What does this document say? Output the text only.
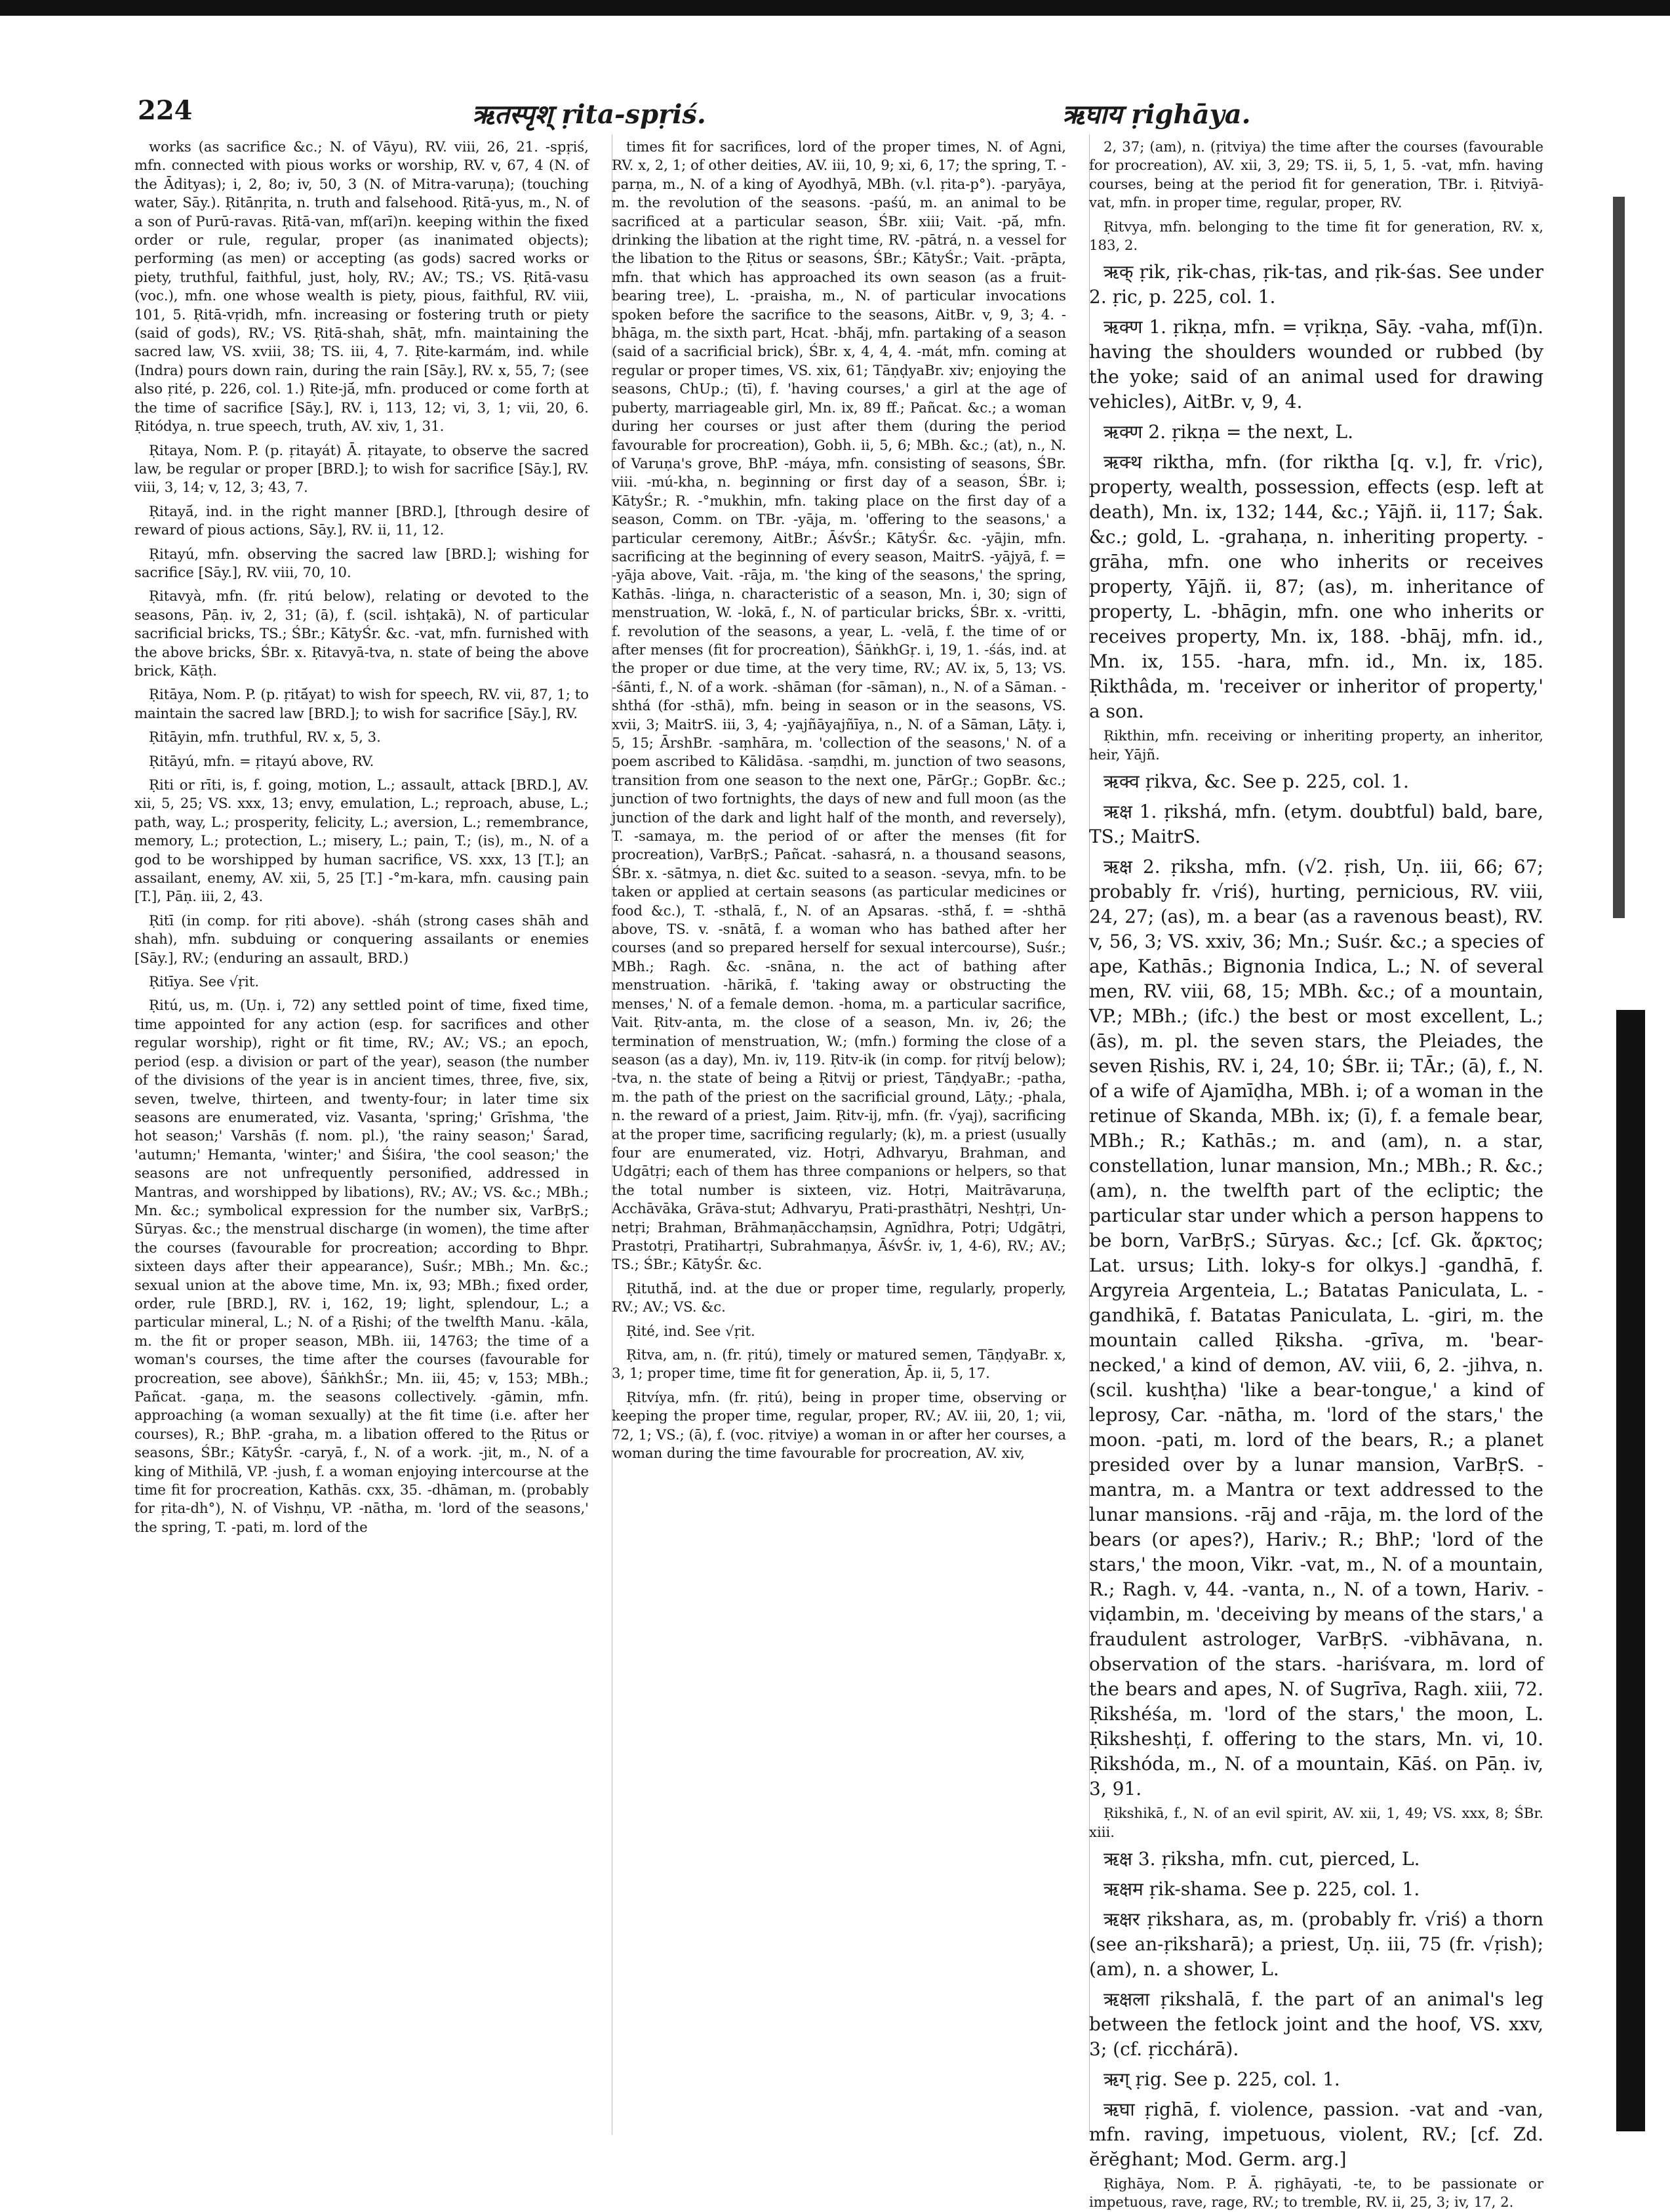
224	ऋतस्पृश् ṛita-spṛiś.	ऋघाय ṛighāya.

works (as sacrifice &c.; N. of Vāyu), RV. viii, 26, 21. -spṛiś, mfn. connected with pious works or worship, RV. v, 67, 4 (N. of the Ādityas); i, 2, 8o; iv, 50, 3 (N. of Mitra-varuṇa); (touching water, Sāy.). Ṛitānṛita, n. truth and falsehood. Ṛitā-yus, m., N. of a son of Purū-ravas. Ṛitā-van, mf(arī)n. keeping within the fixed order or rule, regular, proper (as inanimated objects); performing (as men) or accepting (as gods) sacred works or piety, truthful, faithful, just, holy, RV.; AV.; TS.; VS. Ṛitā-vasu (voc.), mfn. one whose wealth is piety, pious, faithful, RV. viii, 101, 5. Ṛitā-vṛidh, mfn. increasing or fostering truth or piety (said of gods), RV.; VS. Ṛitā-shah, shāṭ, mfn. maintaining the sacred law, VS. xviii, 38; TS. iii, 4, 7. Ṛite-karmám, ind. while (Indra) pours down rain, during the rain [Sāy.], RV. x, 55, 7; (see also ṛité, p. 226, col. 1.) Ṛite-jā́, mfn. produced or come forth at the time of sacrifice [Sāy.], RV. i, 113, 12; vi, 3, 1; vii, 20, 6. Ṛitódya, n. true speech, truth, AV. xiv, 1, 31.

Ṛitaya, Nom. P. (p. ṛitayát) Ā. ṛitayate, to observe the sacred law, be regular or proper [BRD.]; to wish for sacrifice [Sāy.], RV. viii, 3, 14; v, 12, 3; 43, 7.

Ṛitayā́, ind. in the right manner [BRD.], [through desire of reward of pious actions, Sāy.], RV. ii, 11, 12.

Ṛitayú, mfn. observing the sacred law [BRD.]; wishing for sacrifice [Sāy.], RV. viii, 70, 10.

Ṛitavyà, mfn. (fr. ṛitú below), relating or devoted to the seasons, Pāṇ. iv, 2, 31; (ā), f. (scil. ishṭakā), N. of particular sacrificial bricks, TS.; ŚBr.; KātyŚr. &c. -vat, mfn. furnished with the above bricks, ŚBr. x. Ṛitavyā-tva, n. state of being the above brick, Kāṭh.

Ṛitāya, Nom. P. (p. ṛitā́yat) to wish for speech, RV. vii, 87, 1; to maintain the sacred law [BRD.]; to wish for sacrifice [Sāy.], RV.

Ṛitāyin, mfn. truthful, RV. x, 5, 3.

Ṛitāyú, mfn. = ṛitayú above, RV.

Ṛiti or rīti, is, f. going, motion, L.; assault, attack [BRD.], AV. xii, 5, 25; VS. xxx, 13; envy, emulation, L.; reproach, abuse, L.; path, way, L.; prosperity, felicity, L.; aversion, L.; remembrance, memory, L.; protection, L.; misery, L.; pain, T.; (is), m., N. of a god to be worshipped by human sacrifice, VS. xxx, 13 [T.]; an assailant, enemy, AV. xii, 5, 25 [T.] -°m-kara, mfn. causing pain [T.], Pāṇ. iii, 2, 43.

Ṛitī (in comp. for ṛiti above). -sháh (strong cases shāh and shah), mfn. subduing or conquering assailants or enemies [Sāy.], RV.; (enduring an assault, BRD.)

Ṛitīya. See √ṛit.

Ṛitú, us, m. (Uṇ. i, 72) any settled point of time, fixed time, time appointed for any action (esp. for sacrifices and other regular worship), right or fit time, RV.; AV.; VS.; an epoch, period (esp. a division or part of the year), season (the number of the divisions of the year is in ancient times, three, five, six, seven, twelve, thirteen, and twenty-four; in later time six seasons are enumerated, viz. Vasanta, 'spring;' Grīshma, 'the hot season;' Varshās (f. nom. pl.), 'the rainy season;' Śarad, 'autumn;' Hemanta, 'winter;' and Śiśira, 'the cool season;' the seasons are not unfrequently personified, addressed in Mantras, and worshipped by libations), RV.; AV.; VS. &c.; MBh.; Mn. &c.; symbolical expression for the number six, VarBṛS.; Sūryas. &c.; the menstrual discharge (in women), the time after the courses (favourable for procreation; according to Bhpr. sixteen days after their appearance), Suśr.; MBh.; Mn. &c.; sexual union at the above time, Mn. ix, 93; MBh.; fixed order, order, rule [BRD.], RV. i, 162, 19; light, splendour, L.; a particular mineral, L.; N. of a Ṛishi; of the twelfth Manu. -kāla, m. the fit or proper season, MBh. iii, 14763; the time of a woman's courses, the time after the courses (favourable for procreation, see above), ŚāṅkhŚr.; Mn. iii, 45; v, 153; MBh.; Pañcat. -gaṇa, m. the seasons collectively. -gāmin, mfn. approaching (a woman sexually) at the fit time (i.e. after her courses), R.; BhP. -graha, m. a libation offered to the Ṛitus or seasons, ŚBr.; KātyŚr. -caryā, f., N. of a work. -jit, m., N. of a king of Mithilā, VP. -jush, f. a woman enjoying intercourse at the time fit for procreation, Kathās. cxx, 35. -dhāman, m. (probably for ṛita-dh°), N. of Vishṇu, VP. -nātha, m. 'lord of the seasons,' the spring, T. -pati, m. lord of the

times fit for sacrifices, lord of the proper times, N. of Agni, RV. x, 2, 1; of other deities, AV. iii, 10, 9; xi, 6, 17; the spring, T. -parṇa, m., N. of a king of Ayodhyā, MBh. (v.l. ṛita-p°). -paryāya, m. the revolution of the seasons. -paśú, m. an animal to be sacrificed at a particular season, ŚBr. xiii; Vait. -pā́, mfn. drinking the libation at the right time, RV. -pātrá, n. a vessel for the libation to the Ṛitus or seasons, ŚBr.; KātyŚr.; Vait. -prāpta, mfn. that which has approached its own season (as a fruit-bearing tree), L. -praisha, m., N. of particular invocations spoken before the sacrifice to the seasons, AitBr. v, 9, 3; 4. -bhāga, m. the sixth part, Hcat. -bhā́j, mfn. partaking of a season (said of a sacrificial brick), ŚBr. x, 4, 4, 4. -mát, mfn. coming at regular or proper times, VS. xix, 61; TāṇḍyaBr. xiv; enjoying the seasons, ChUp.; (tī), f. 'having courses,' a girl at the age of puberty, marriageable girl, Mn. ix, 89 ff.; Pañcat. &c.; a woman during her courses or just after them (during the period favourable for procreation), Gobh. ii, 5, 6; MBh. &c.; (at), n., N. of Varuṇa's grove, BhP. -máya, mfn. consisting of seasons, ŚBr. viii. -mú-kha, n. beginning or first day of a season, ŚBr. i; KātyŚr.; R. -°mukhin, mfn. taking place on the first day of a season, Comm. on TBr. -yāja, m. 'offering to the seasons,' a particular ceremony, AitBr.; ĀśvŚr.; KātyŚr. &c. -yājin, mfn. sacrificing at the beginning of every season, MaitrS. -yājyā, f. = -yāja above, Vait. -rāja, m. 'the king of the seasons,' the spring, Kathās. -liṅga, n. characteristic of a season, Mn. i, 30; sign of menstruation, W. -lokā, f., N. of particular bricks, ŚBr. x. -vritti, f. revolution of the seasons, a year, L. -velā, f. the time of or after menses (fit for procreation), ŚāṅkhGṛ. i, 19, 1. -śás, ind. at the proper or due time, at the very time, RV.; AV. ix, 5, 13; VS. -śānti, f., N. of a work. -shāman (for -sāman), n., N. of a Sāman. -shthá (for -sthā), mfn. being in season or in the seasons, VS. xvii, 3; MaitrS. iii, 3, 4; -yajñāyajñīya, n., N. of a Sāman, Lāṭy. i, 5, 15; ĀrshBr. -saṃhāra, m. 'collection of the seasons,' N. of a poem ascribed to Kālidāsa. -saṃdhi, m. junction of two seasons, transition from one season to the next one, PārGṛ.; GopBr. &c.; junction of two fortnights, the days of new and full moon (as the junction of the dark and light half of the month, and reversely), T. -samaya, m. the period of or after the menses (fit for procreation), VarBṛS.; Pañcat. -sahasrá, n. a thousand seasons, ŚBr. x. -sātmya, n. diet &c. suited to a season. -sevya, mfn. to be taken or applied at certain seasons (as particular medicines or food &c.), T. -sthalā, f., N. of an Apsaras. -sthā́, f. = -shthā above, TS. v. -snātā, f. a woman who has bathed after her courses (and so prepared herself for sexual intercourse), Suśr.; MBh.; Ragh. &c. -snāna, n. the act of bathing after menstruation. -hārikā, f. 'taking away or obstructing the menses,' N. of a female demon. -homa, m. a particular sacrifice, Vait. Ṛitv-anta, m. the close of a season, Mn. iv, 26; the termination of menstruation, W.; (mfn.) forming the close of a season (as a day), Mn. iv, 119. Ṛitv-ik (in comp. for ṛitvíj below); -tva, n. the state of being a Ṛitvij or priest, TāṇḍyaBr.; -patha, m. the path of the priest on the sacrificial ground, Lāṭy.; -phala, n. the reward of a priest, Jaim. Ṛitv-ij, mfn. (fr. √yaj), sacrificing at the proper time, sacrificing regularly; (k), m. a priest (usually four are enumerated, viz. Hotṛi, Adhvaryu, Brahman, and Udgātṛi; each of them has three companions or helpers, so that the total number is sixteen, viz. Hotṛi, Maitrāvaruṇa, Acchāvāka, Grāva-stut; Adhvaryu, Prati-prasthātṛi, Neshṭṛi, Un-netṛi; Brahman, Brāhmaṇācchaṃsin, Agnīdhra, Potṛi; Udgātṛi, Prastotṛi, Pratihartṛi, Subrahmaṇya, ĀśvŚr. iv, 1, 4-6), RV.; AV.; TS.; ŚBr.; KātyŚr. &c.

Ṛituthā́, ind. at the due or proper time, regularly, properly, RV.; AV.; VS. &c.

Ṛité, ind. See √ṛit.

Ṛitva, am, n. (fr. ṛitú), timely or matured semen, TāṇḍyaBr. x, 3, 1; proper time, time fit for generation, Āp. ii, 5, 17.

Ṛitvíya, mfn. (fr. ṛitú), being in proper time, observing or keeping the proper time, regular, proper, RV.; AV. iii, 20, 1; vii, 72, 1; VS.; (ā), f. (voc. ṛitviye) a woman in or after her courses, a woman during the time favourable for procreation, AV. xiv,

2, 37; (am), n. (ṛitviya) the time after the courses (favourable for procreation), AV. xii, 3, 29; TS. ii, 5, 1, 5. -vat, mfn. having courses, being at the period fit for generation, TBr. i. Ṛitviyā-vat, mfn. in proper time, regular, proper, RV.

Ṛitvya, mfn. belonging to the time fit for generation, RV. x, 183, 2.

ऋक् ṛik, ṛik-chas, ṛik-tas, and ṛik-śas. See under 2. ṛic, p. 225, col. 1.

ऋक्ण 1. ṛikṇa, mfn. = vṛikṇa, Sāy. -vaha, mf(ī)n. having the shoulders wounded or rubbed (by the yoke; said of an animal used for drawing vehicles), AitBr. v, 9, 4.

ऋक्ण 2. ṛikṇa = the next, L.

ऋक्थ riktha, mfn. (for riktha [q. v.], fr. √ric), property, wealth, possession, effects (esp. left at death), Mn. ix, 132; 144, &c.; Yājñ. ii, 117; Śak. &c.; gold, L. -grahaṇa, n. inheriting property. -grāha, mfn. one who inherits or receives property, Yājñ. ii, 87; (as), m. inheritance of property, L. -bhāgin, mfn. one who inherits or receives property, Mn. ix, 188. -bhāj, mfn. id., Mn. ix, 155. -hara, mfn. id., Mn. ix, 185. Ṛikthâda, m. 'receiver or inheritor of property,' a son.

Ṛikthin, mfn. receiving or inheriting property, an inheritor, heir, Yājñ.

ऋक्व ṛikva, &c. See p. 225, col. 1.

ऋक्ष 1. ṛikshá, mfn. (etym. doubtful) bald, bare, TS.; MaitrS.

ऋक्ष 2. ṛiksha, mfn. (√2. ṛish, Uṇ. iii, 66; 67; probably fr. √riś), hurting, pernicious, RV. viii, 24, 27; (as), m. a bear (as a ravenous beast), RV. v, 56, 3; VS. xxiv, 36; Mn.; Suśr. &c.; a species of ape, Kathās.; Bignonia Indica, L.; N. of several men, RV. viii, 68, 15; MBh. &c.; of a mountain, VP.; MBh.; (ifc.) the best or most excellent, L.; (ās), m. pl. the seven stars, the Pleiades, the seven Ṛishis, RV. i, 24, 10; ŚBr. ii; TĀr.; (ā), f., N. of a wife of Ajamīḍha, MBh. i; of a woman in the retinue of Skanda, MBh. ix; (ī), f. a female bear, MBh.; R.; Kathās.; m. and (am), n. a star, constellation, lunar mansion, Mn.; MBh.; R. &c.; (am), n. the twelfth part of the ecliptic; the particular star under which a person happens to be born, VarBṛS.; Sūryas. &c.; [cf. Gk. ἄρκτος; Lat. ursus; Lith. loky-s for olkys.] -gandhā, f. Argyreia Argenteia, L.; Batatas Paniculata, L. -gandhikā, f. Batatas Paniculata, L. -giri, m. the mountain called Ṛiksha. -grīva, m. 'bear-necked,' a kind of demon, AV. viii, 6, 2. -jihva, n. (scil. kushṭha) 'like a bear-tongue,' a kind of leprosy, Car. -nātha, m. 'lord of the stars,' the moon. -pati, m. lord of the bears, R.; a planet presided over by a lunar mansion, VarBṛS. -mantra, m. a Mantra or text addressed to the lunar mansions. -rāj and -rāja, m. the lord of the bears (or apes?), Hariv.; R.; BhP.; 'lord of the stars,' the moon, Vikr. -vat, m., N. of a mountain, R.; Ragh. v, 44. -vanta, n., N. of a town, Hariv. -viḍambin, m. 'deceiving by means of the stars,' a fraudulent astrologer, VarBṛS. -vibhāvana, n. observation of the stars. -hariśvara, m. lord of the bears and apes, N. of Sugrīva, Ragh. xiii, 72. Ṛikshéśa, m. 'lord of the stars,' the moon, L. Ṛiksheshṭi, f. offering to the stars, Mn. vi, 10. Ṛikshóda, m., N. of a mountain, Kāś. on Pāṇ. iv, 3, 91.

Ṛikshikā, f., N. of an evil spirit, AV. xii, 1, 49; VS. xxx, 8; ŚBr. xiii.

ऋक्ष 3. ṛiksha, mfn. cut, pierced, L.

ऋक्षम ṛik-shama. See p. 225, col. 1.

ऋक्षर ṛikshara, as, m. (probably fr. √riś) a thorn (see an-ṛiksharā); a priest, Uṇ. iii, 75 (fr. √ṛish); (am), n. a shower, L.

ऋक्षला ṛikshalā, f. the part of an animal's leg between the fetlock joint and the hoof, VS. xxv, 3; (cf. ṛicchárā).

ऋग् ṛig. See p. 225, col. 1.

ऋघा ṛighā, f. violence, passion. -vat and -van, mfn. raving, impetuous, violent, RV.; [cf. Zd. ĕrĕghant; Mod. Germ. arg.]

Ṛighāya, Nom. P. Ā. ṛighāyati, -te, to be passionate or impetuous, rave, rage, RV.; to tremble, RV. ii, 25, 3; iv, 17, 2.
